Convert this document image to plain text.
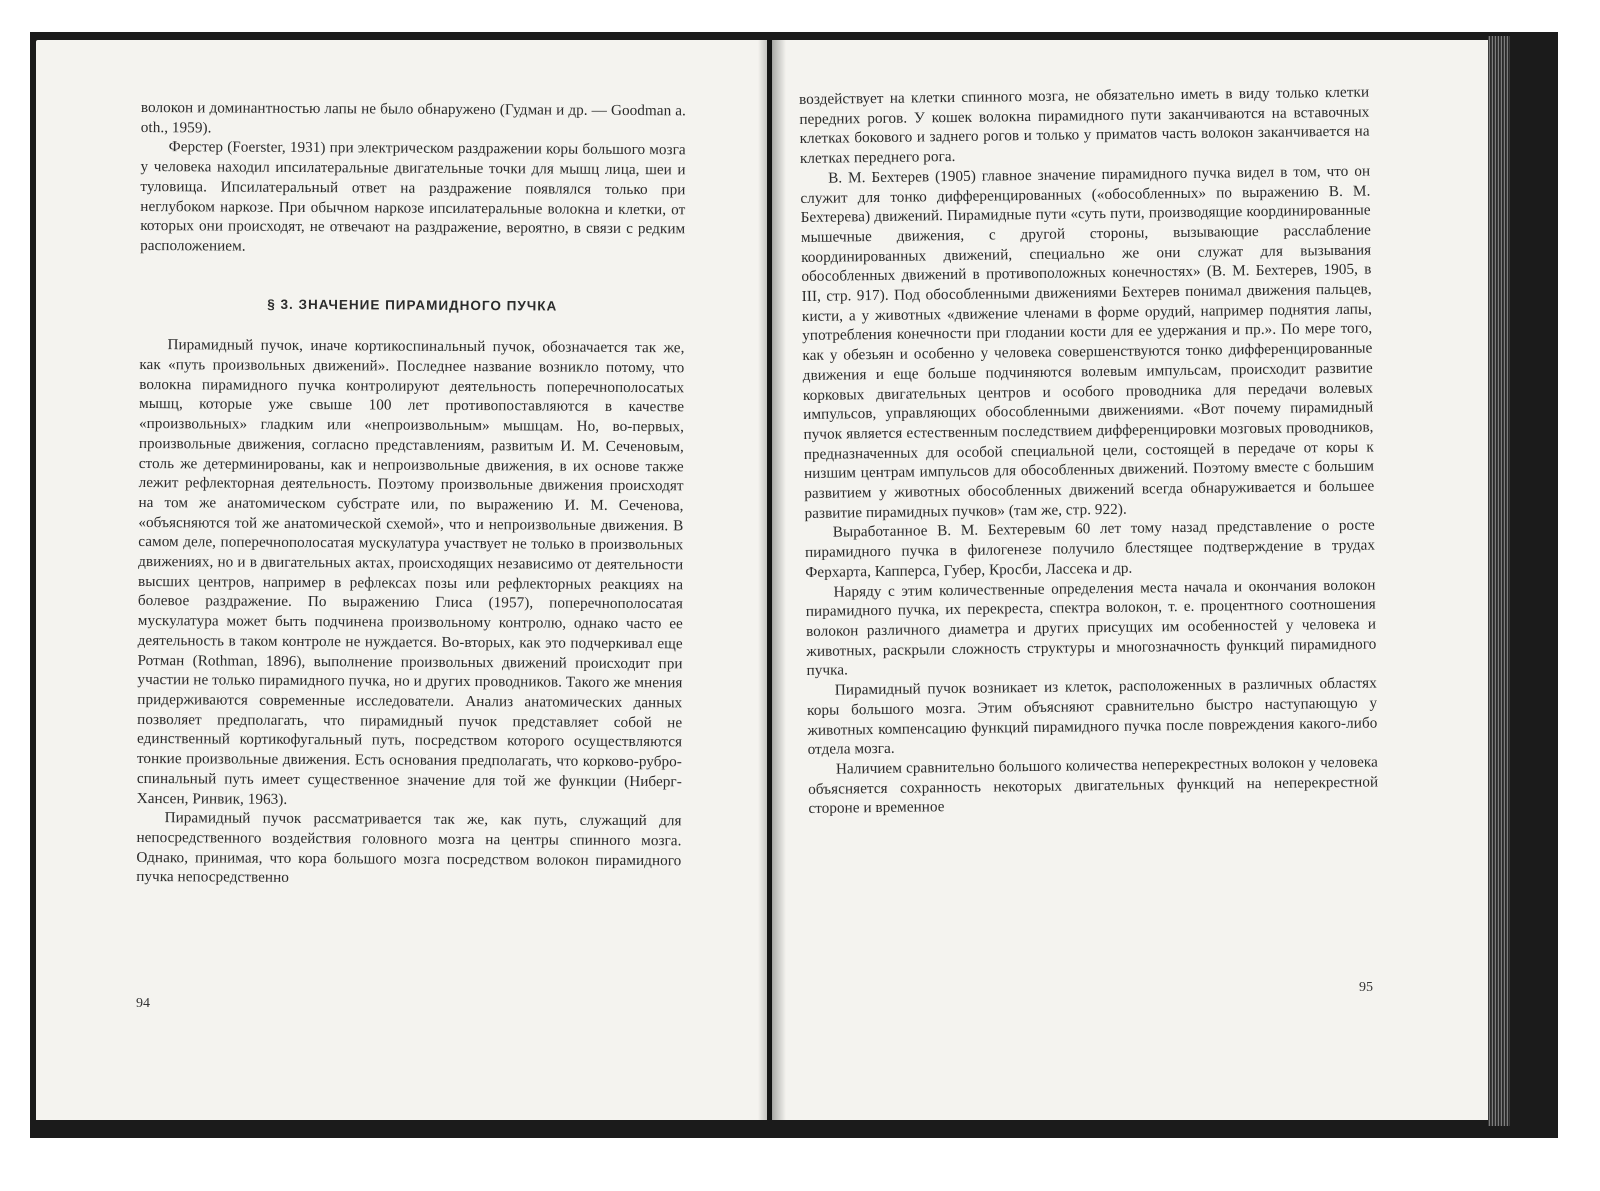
волокон и доминантностью лапы не было обнаружено (Гудман и др. — Goodman a. oth., 1959).

Ферстер (Foerster, 1931) при электрическом раздражении коры большого мозга у человека находил ипсилатеральные двигательные точки для мышц лица, шеи и туловища. Ипсилатеральный ответ на раздражение появлялся только при неглубоком наркозе. При обычном наркозе ипсилатеральные волокна и клетки, от которых они происходят, не отвечают на раздражение, вероятно, в связи с редким расположением.

§ 3. ЗНАЧЕНИЕ ПИРАМИДНОГО ПУЧКА

Пирамидный пучок, иначе кортикоспинальный пучок, обозначается так же, как «путь произвольных движений». Последнее название возникло потому, что волокна пирамидного пучка контролируют деятельность поперечнополосатых мышц, которые уже свыше 100 лет противопоставляются в качестве «произвольных» гладким или «непроизвольным» мышцам. Но, во-первых, произвольные движения, согласно представлениям, развитым И. М. Сеченовым, столь же детерминированы, как и непроизвольные движения, в их основе также лежит рефлекторная деятельность. Поэтому произвольные движения происходят на том же анатомическом субстрате или, по выражению И. М. Сеченова, «объясняются той же анатомической схемой», что и непроизвольные движения. В самом деле, поперечнополосатая мускулатура участвует не только в произвольных движениях, но и в двигательных актах, происходящих независимо от деятельности высших центров, например в рефлексах позы или рефлекторных реакциях на болевое раздражение. По выражению Глиса (1957), поперечнополосатая мускулатура может быть подчинена произвольному контролю, однако часто ее деятельность в таком контроле не нуждается. Во-вторых, как это подчеркивал еще Ротман (Rothman, 1896), выполнение произвольных движений происходит при участии не только пирамидного пучка, но и других проводников. Такого же мнения придерживаются современные исследователи. Анализ анатомических данных позволяет предполагать, что пирамидный пучок представляет собой не единственный кортикофугальный путь, посредством которого осуществляются тонкие произвольные движения. Есть основания предполагать, что корково-рубро-спинальный путь имеет существенное значение для той же функции (Ниберг-Хансен, Ринвик, 1963).

Пирамидный пучок рассматривается так же, как путь, служащий для непосредственного воздействия головного мозга на центры спинного мозга. Однако, принимая, что кора большого мозга посредством волокон пирамидного пучка непосредственно

94

воздействует на клетки спинного мозга, не обязательно иметь в виду только клетки передних рогов. У кошек волокна пирамидного пути заканчиваются на вставочных клетках бокового и заднего рогов и только у приматов часть волокон заканчивается на клетках переднего рога.

В. М. Бехтерев (1905) главное значение пирамидного пучка видел в том, что он служит для тонко дифференцированных («обособленных» по выражению В. М. Бехтерева) движений. Пирамидные пути «суть пути, производящие координированные мышечные движения, с другой стороны, вызывающие расслабление координированных движений, специально же они служат для вызывания обособленных движений в противоположных конечностях» (В. М. Бехтерев, 1905, в III, стр. 917). Под обособленными движениями Бехтерев понимал движения пальцев, кисти, а у животных «движение членами в форме орудий, например поднятия лапы, употребления конечности при глодании кости для ее удержания и пр.». По мере того, как у обезьян и особенно у человека совершенствуются тонко дифференцированные движения и еще больше подчиняются волевым импульсам, происходит развитие корковых двигательных центров и особого проводника для передачи волевых импульсов, управляющих обособленными движениями. «Вот почему пирамидный пучок является естественным последствием дифференцировки мозговых проводников, предназначенных для особой специальной цели, состоящей в передаче от коры к низшим центрам импульсов для обособленных движений. Поэтому вместе с большим развитием у животных обособленных движений всегда обнаруживается и большее развитие пирамидных пучков» (там же, стр. 922).

Выработанное В. М. Бехтеревым 60 лет тому назад представление о росте пирамидного пучка в филогенезе получило блестящее подтверждение в трудах Ферхарта, Капперса, Губер, Кросби, Лассека и др.

Наряду с этим количественные определения места начала и окончания волокон пирамидного пучка, их перекреста, спектра волокон, т. е. процентного соотношения волокон различного диаметра и других присущих им особенностей у человека и животных, раскрыли сложность структуры и многозначность функций пирамидного пучка.

Пирамидный пучок возникает из клеток, расположенных в различных областях коры большого мозга. Этим объясняют сравнительно быстро наступающую у животных компенсацию функций пирамидного пучка после повреждения какого-либо отдела мозга.

Наличием сравнительно большого количества неперекрестных волокон у человека объясняется сохранность некоторых двигательных функций на неперекрестной стороне и временное

95
